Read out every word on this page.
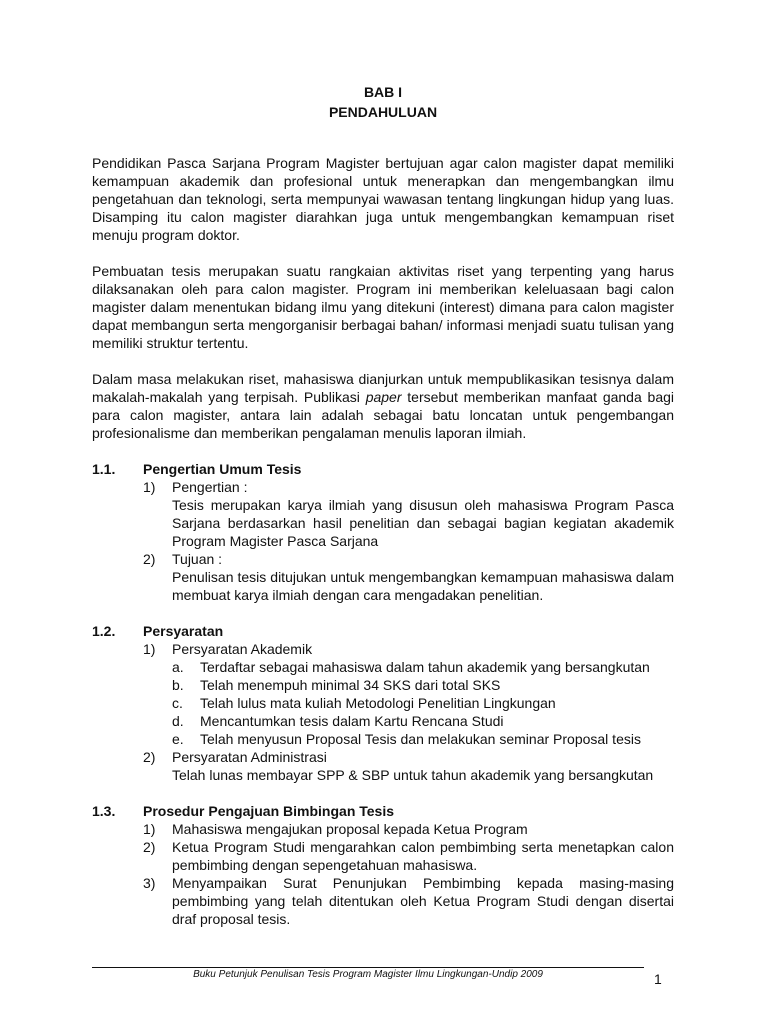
BAB I
PENDAHULUAN

Pendidikan Pasca Sarjana Program Magister bertujuan agar calon magister dapat memiliki kemampuan akademik dan profesional untuk menerapkan dan mengembangkan ilmu pengetahuan dan teknologi, serta mempunyai wawasan tentang lingkungan hidup yang luas. Disamping itu calon magister diarahkan juga untuk mengembangkan kemampuan riset menuju program doktor.

Pembuatan tesis merupakan suatu rangkaian aktivitas riset yang terpenting yang harus dilaksanakan oleh para calon magister. Program ini memberikan keleluasaan bagi calon magister dalam menentukan bidang ilmu yang ditekuni (interest) dimana para calon magister dapat membangun serta mengorganisir berbagai bahan/ informasi menjadi suatu tulisan yang memiliki struktur tertentu.

Dalam masa melakukan riset, mahasiswa dianjurkan untuk mempublikasikan tesisnya dalam makalah-makalah yang terpisah. Publikasi paper tersebut memberikan manfaat ganda bagi para calon magister, antara lain adalah sebagai batu loncatan untuk pengembangan profesionalisme dan memberikan pengalaman menulis laporan ilmiah.

1.1.	Pengertian Umum Tesis
1)	Pengertian :
Tesis merupakan karya ilmiah yang disusun oleh mahasiswa Program Pasca Sarjana berdasarkan hasil penelitian dan sebagai bagian kegiatan akademik Program Magister Pasca Sarjana
2)	Tujuan :
Penulisan tesis ditujukan untuk mengembangkan kemampuan mahasiswa dalam membuat karya ilmiah dengan cara mengadakan penelitian.
1.2.	Persyaratan
1)	Persyaratan Akademik
a.	Terdaftar sebagai mahasiswa dalam tahun akademik yang bersangkutan
b.	Telah menempuh minimal 34 SKS dari total SKS
c.	Telah lulus mata kuliah Metodologi Penelitian Lingkungan
d.	Mencantumkan tesis dalam Kartu Rencana Studi
e.	Telah menyusun Proposal Tesis dan melakukan seminar Proposal tesis
2)	Persyaratan Administrasi
Telah lunas membayar SPP & SBP untuk tahun akademik yang bersangkutan
1.3.	Prosedur Pengajuan Bimbingan Tesis
1)	Mahasiswa mengajukan proposal kepada Ketua Program
2)	Ketua Program Studi mengarahkan calon pembimbing serta menetapkan calon pembimbing dengan sepengetahuan mahasiswa.
3)	Menyampaikan Surat Penunjukan Pembimbing kepada masing-masing pembimbing yang telah ditentukan oleh Ketua Program Studi dengan disertai draf proposal tesis.
Buku Petunjuk Penulisan Tesis Program Magister Ilmu Lingkungan-Undip 2009	1
